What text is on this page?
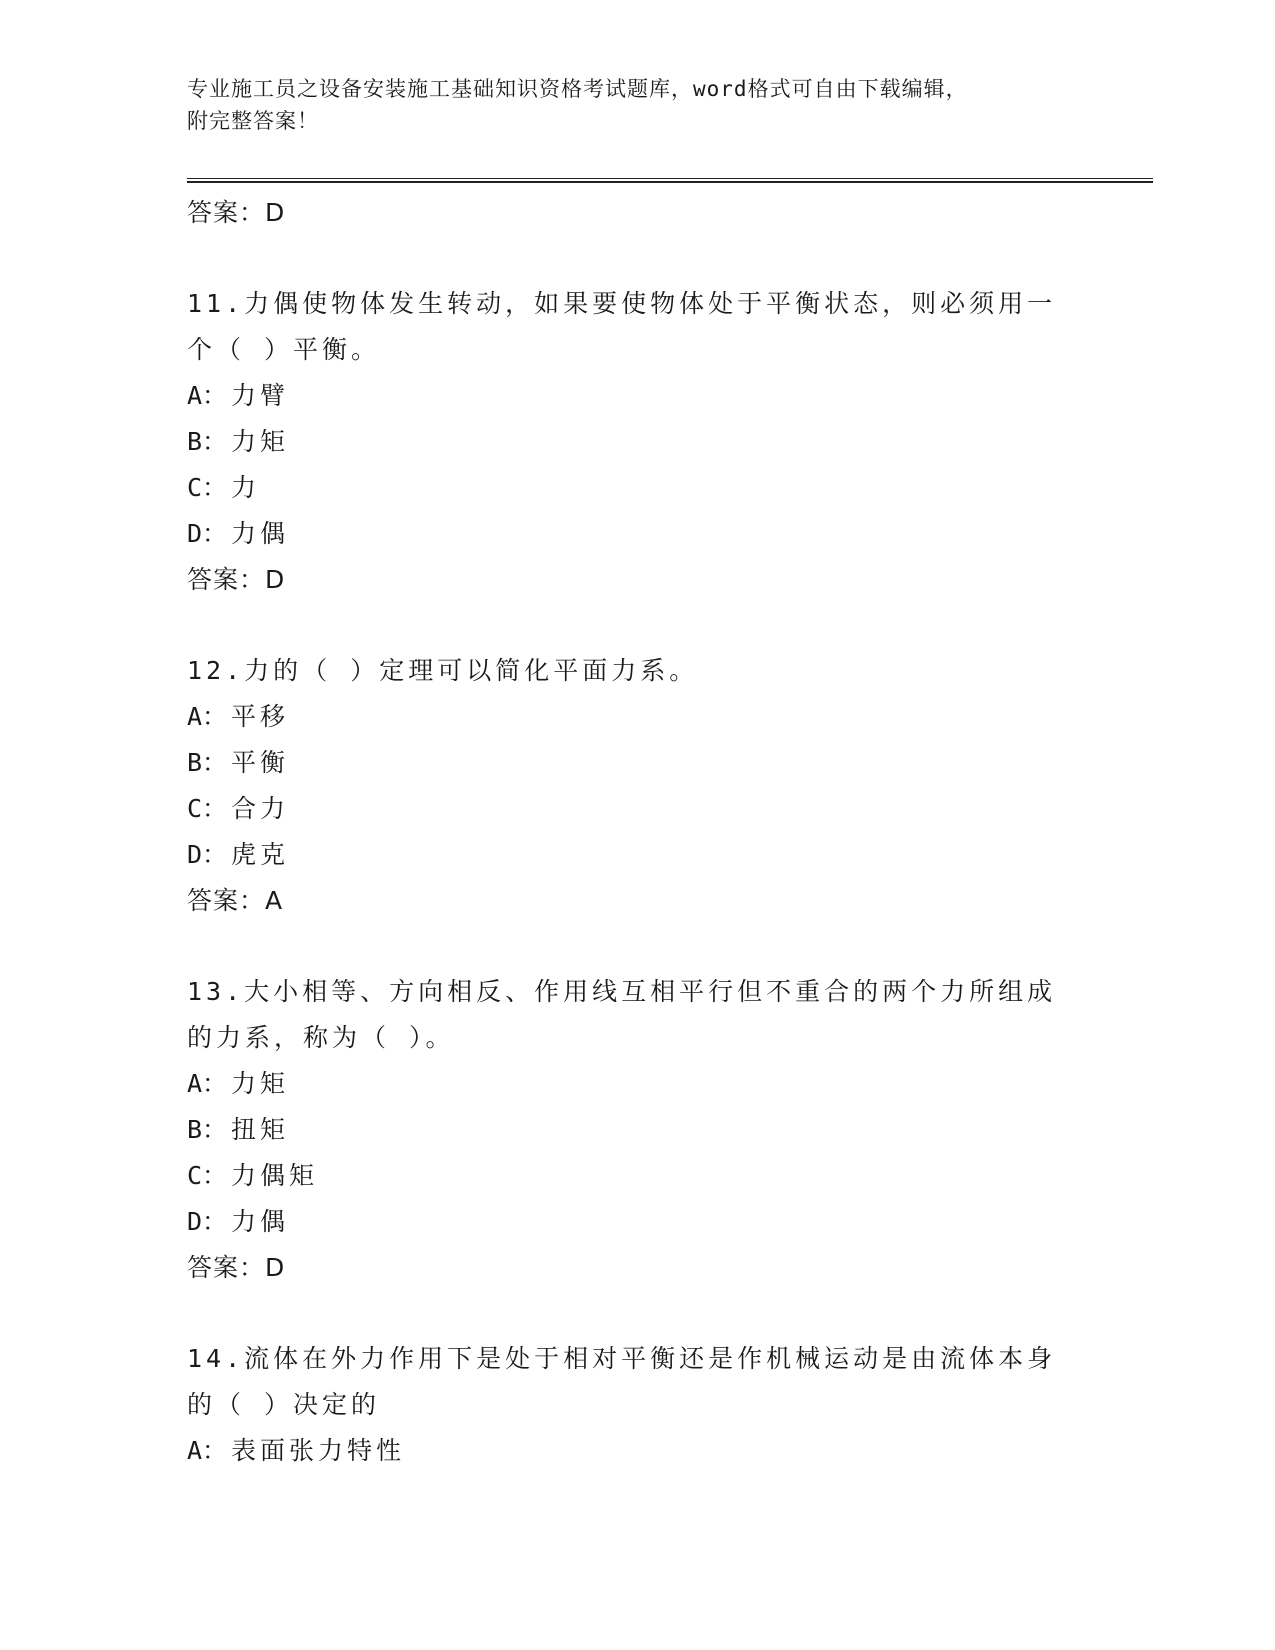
专业施工员之设备安装施工基础知识资格考试题库，word格式可自由下载编辑，
附完整答案！
答案：D
11.力偶使物体发生转动，如果要使物体处于平衡状态，则必须用一个（ ）平衡。
A： 力臂
B： 力矩
C： 力
D： 力偶
答案：D
12.力的（ ）定理可以简化平面力系。
A： 平移
B： 平衡
C： 合力
D： 虎克
答案：A
13.大小相等、方向相反、作用线互相平行但不重合的两个力所组成的力系，称为（ ）。
A： 力矩
B： 扭矩
C： 力偶矩
D： 力偶
答案：D
14.流体在外力作用下是处于相对平衡还是作机械运动是由流体本身的（ ）决定的
A： 表面张力特性
